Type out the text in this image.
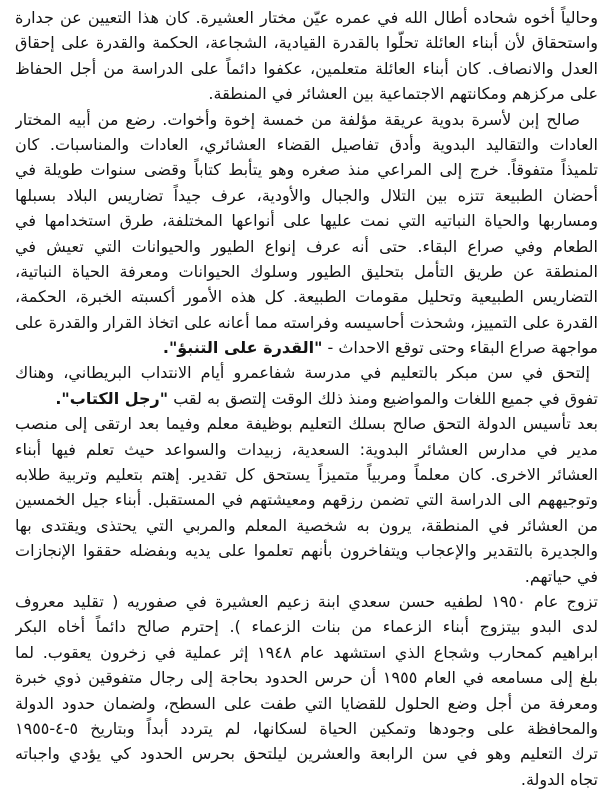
وحالياً أخوه شحاده أطال الله في عمره عيّن مختار العشيرة. كان هذا التعيين عن جدارة
واستحقاق لأن أبناء العائلة تحلّوا بالقدرة القيادية، الشجاعة، الحكمة والقدرة على إحقاق
العدل والانصاف. كان أبناء العائلة متعلمين، عكفوا دائماً على الدراسة من أجل الحفاظ
على مركزهم ومكانتهم الاجتماعية بين العشائر في المنطقة.
صالح إبن لأسرة بدوية عريقة مؤلفة من خمسة إخوة وأخوات. رضع من أبيه المختار
العادات والتقاليد البدوية وأدق تفاصيل القضاء العشائري، العادات والمناسبات. كان
تلميذاً متفوقاً. خرج إلى المراعي منذ صغره وهو يتأبط كتاباً وقضى سنوات طويلة في
أحضان الطبيعة تتزه بين التلال والجبال والأودية، عرف جيداً تضاريس البلاد بسبلها
ومساربها والحياة النباتيه التي نمت عليها على أنواعها المختلفة، طرق استخدامها في
الطعام وفي صراع البقاء. حتى أنه عرف إنواع الطيور والحيوانات التي تعيش في
المنطقة عن طريق التأمل بتحليق الطيور وسلوك الحيوانات ومعرفة الحياة النباتية،
التضاريس الطبيعية وتحليل مقومات الطبيعة. كل هذه الأمور أكسبته الخبرة، الحكمة،
القدرة على التمييز، وشحذت أحاسيسه وفراسته مما أعانه على اتخاذ القرار والقدرة على
مواجهة صراع البقاء وحتى توقع الاحداث - "القدرة على التنبؤ".
إلتحق في سن مبكر بالتعليم في مدرسة شفاعمرو أيام الانتداب البريطاني، وهناك
تفوق في جميع اللغات والمواضيع ومنذ ذلك الوقت إلتصق به لقب "رجل الكتاب".
بعد تأسيس الدولة التحق صالح بسلك التعليم بوظيفة معلم وفيما بعد ارتقى إلى منصب
مدير في مدارس العشائر البدوية: السعدية، زبيدات والسواعد حيث تعلم فيها أبناء
العشائر الاخرى. كان معلماً ومربياً متميزاً يستحق كل تقدير. إهتم بتعليم وتربية طلابه
وتوجيههم الى الدراسة التي تضمن رزقهم ومعيشتهم في المستقبل. أبناء جيل الخمسين
من العشائر في المنطقة، يرون به شخصية المعلم والمربي التي يحتذى ويقتدى بها
والجديرة بالتقدير والإعجاب ويتفاخرون بأنهم تعلموا على يديه وبفضله حققوا الإنجازات
في حياتهم.
تزوج عام ١٩٥٠ لطفيه حسن سعدي ابنة زعيم العشيرة في صفوريه ( تقليد معروف
لدى البدو بيتزوج أبناء الزعماء من بنات الزعماء ). إحترم صالح دائماً أخاه البكر
ابراهيم كمحارب وشجاع الذي استشهد عام ١٩٤٨ إثر عملية في زخرون يعقوب. لما
بلغ إلى مسامعه في العام ١٩٥٥ أن حرس الحدود بحاجة إلى رجال متفوقين ذوي خبرة
ومعرفة من أجل وضع الحلول للقضايا التي طفت على السطح، ولضمان حدود الدولة
والمحافظة على وجودها وتمكين الحياة لسكانها، لم يتردد أبداً وبتاريخ ٥-٤-١٩٥٥
ترك التعليم وهو في سن الرابعة والعشرين ليلتحق بحرس الحدود كي يؤدي واجباته
تجاه الدولة.
